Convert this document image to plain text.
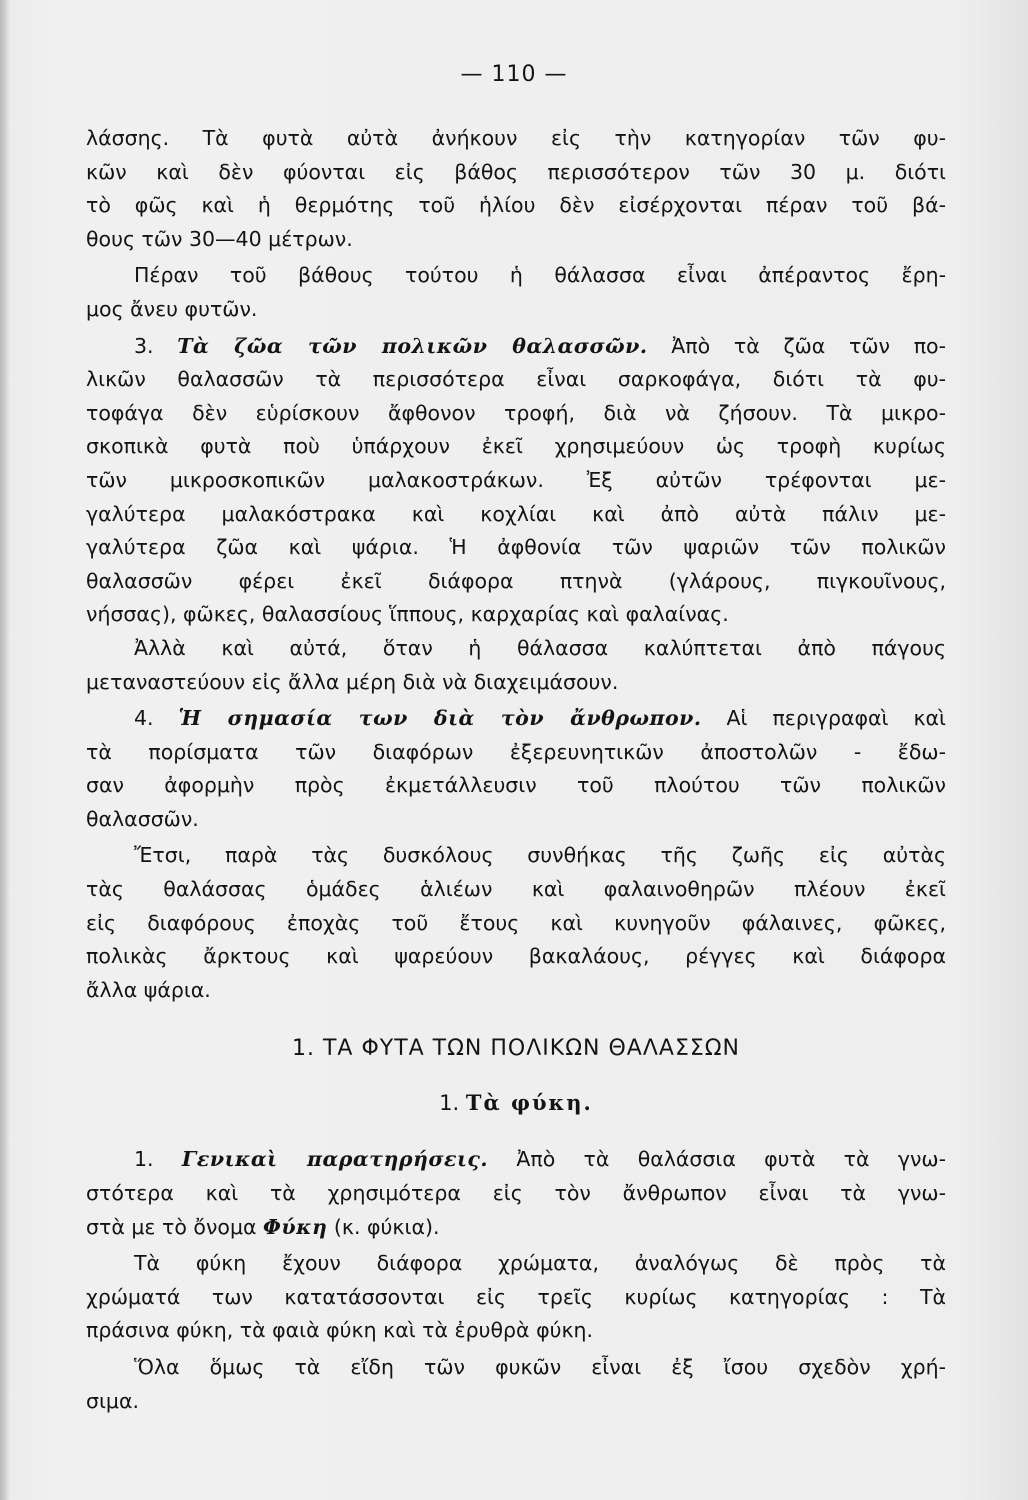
— 110 —
λάσσης. Τὰ φυτὰ αὐτὰ ἀνήκουν εἰς τὴν κατηγορίαν τῶν φυ-
κῶν καὶ δὲν φύονται εἰς βάθος περισσότερον τῶν 30 μ. διότι
τὸ φῶς καὶ ἡ θερμότης τοῦ ἡλίου δὲν εἰσέρχονται πέραν τοῦ βά-
θους τῶν 30—40 μέτρων.
Πέραν τοῦ βάθους τούτου ἡ θάλασσα εἶναι ἀπέραντος ἔρη-
μος ἄνευ φυτῶν.
3. Τὰ ζῶα τῶν πολικῶν θαλασσῶν. Ἀπὸ τὰ ζῶα τῶν πο-
λικῶν θαλασσῶν τὰ περισσότερα εἶναι σαρκοφάγα, διότι τὰ φυ-
τοφάγα δὲν εὑρίσκουν ἄφθονον τροφή, διὰ νὰ ζήσουν. Τὰ μικρο-
σκοπικὰ φυτὰ ποὺ ὑπάρχουν ἐκεῖ χρησιμεύουν ὡς τροφὴ κυρίως
τῶν μικροσκοπικῶν μαλακοστράκων. Ἐξ αὐτῶν τρέφονται με-
γαλύτερα μαλακόστρακα καὶ κοχλίαι καὶ ἀπὸ αὐτὰ πάλιν με-
γαλύτερα ζῶα καὶ ψάρια. Ἡ ἀφθονία τῶν ψαριῶν τῶν πολικῶν
θαλασσῶν φέρει ἐκεῖ διάφορα πτηνὰ (γλάρους, πιγκουῖνους,
νήσσας), φῶκες, θαλασσίους ἵππους, καρχαρίας καὶ φαλαίνας.
Ἀλλὰ καὶ αὐτά, ὅταν ἡ θάλασσα καλύπτεται ἀπὸ πάγους
μεταναστεύουν εἰς ἄλλα μέρη διὰ νὰ διαχειμάσουν.
4. Ἡ σημασία των διὰ τὸν ἄνθρωπον. Αἱ περιγραφαὶ καὶ
τὰ πορίσματα τῶν διαφόρων ἐξερευνητικῶν ἀποστολῶν - ἔδω-
σαν ἀφορμὴν πρὸς ἐκμετάλλευσιν τοῦ πλούτου τῶν πολικῶν
θαλασσῶν.
Ἔτσι, παρὰ τὰς δυσκόλους συνθήκας τῆς ζωῆς εἰς αὐτὰς
τὰς θαλάσσας ὁμάδες ἁλιέων καὶ φαλαινοθηρῶν πλέουν ἐκεῖ
εἰς διαφόρους ἐποχὰς τοῦ ἔτους καὶ κυνηγοῦν φάλαινες, φῶκες,
πολικὰς ἄρκτους καὶ ψαρεύουν βακαλάους, ρέγγες καὶ διάφορα
ἄλλα ψάρια.
1. ΤΑ ΦΥΤΑ ΤΩΝ ΠΟΛΙΚΩΝ ΘΑΛΑΣΣΩΝ
1. Τὰ φύκη.
1. Γενικαὶ παρατηρήσεις. Ἀπὸ τὰ θαλάσσια φυτὰ τὰ γνω-
στότερα καὶ τὰ χρησιμότερα εἰς τὸν ἄνθρωπον εἶναι τὰ γνω-
στὰ με τὸ ὄνομα Φύκη (κ. φύκια).
Τὰ φύκη ἔχουν διάφορα χρώματα, ἀναλόγως δὲ πρὸς τὰ
χρώματά των κατατάσσονται εἰς τρεῖς κυρίως κατηγορίας : Τὰ
πράσινα φύκη, τὰ φαιὰ φύκη καὶ τὰ ἐρυθρὰ φύκη.
Ὅλα ὅμως τὰ εἴδη τῶν φυκῶν εἶναι ἐξ ἴσου σχεδὸν χρή-
σιμα.
